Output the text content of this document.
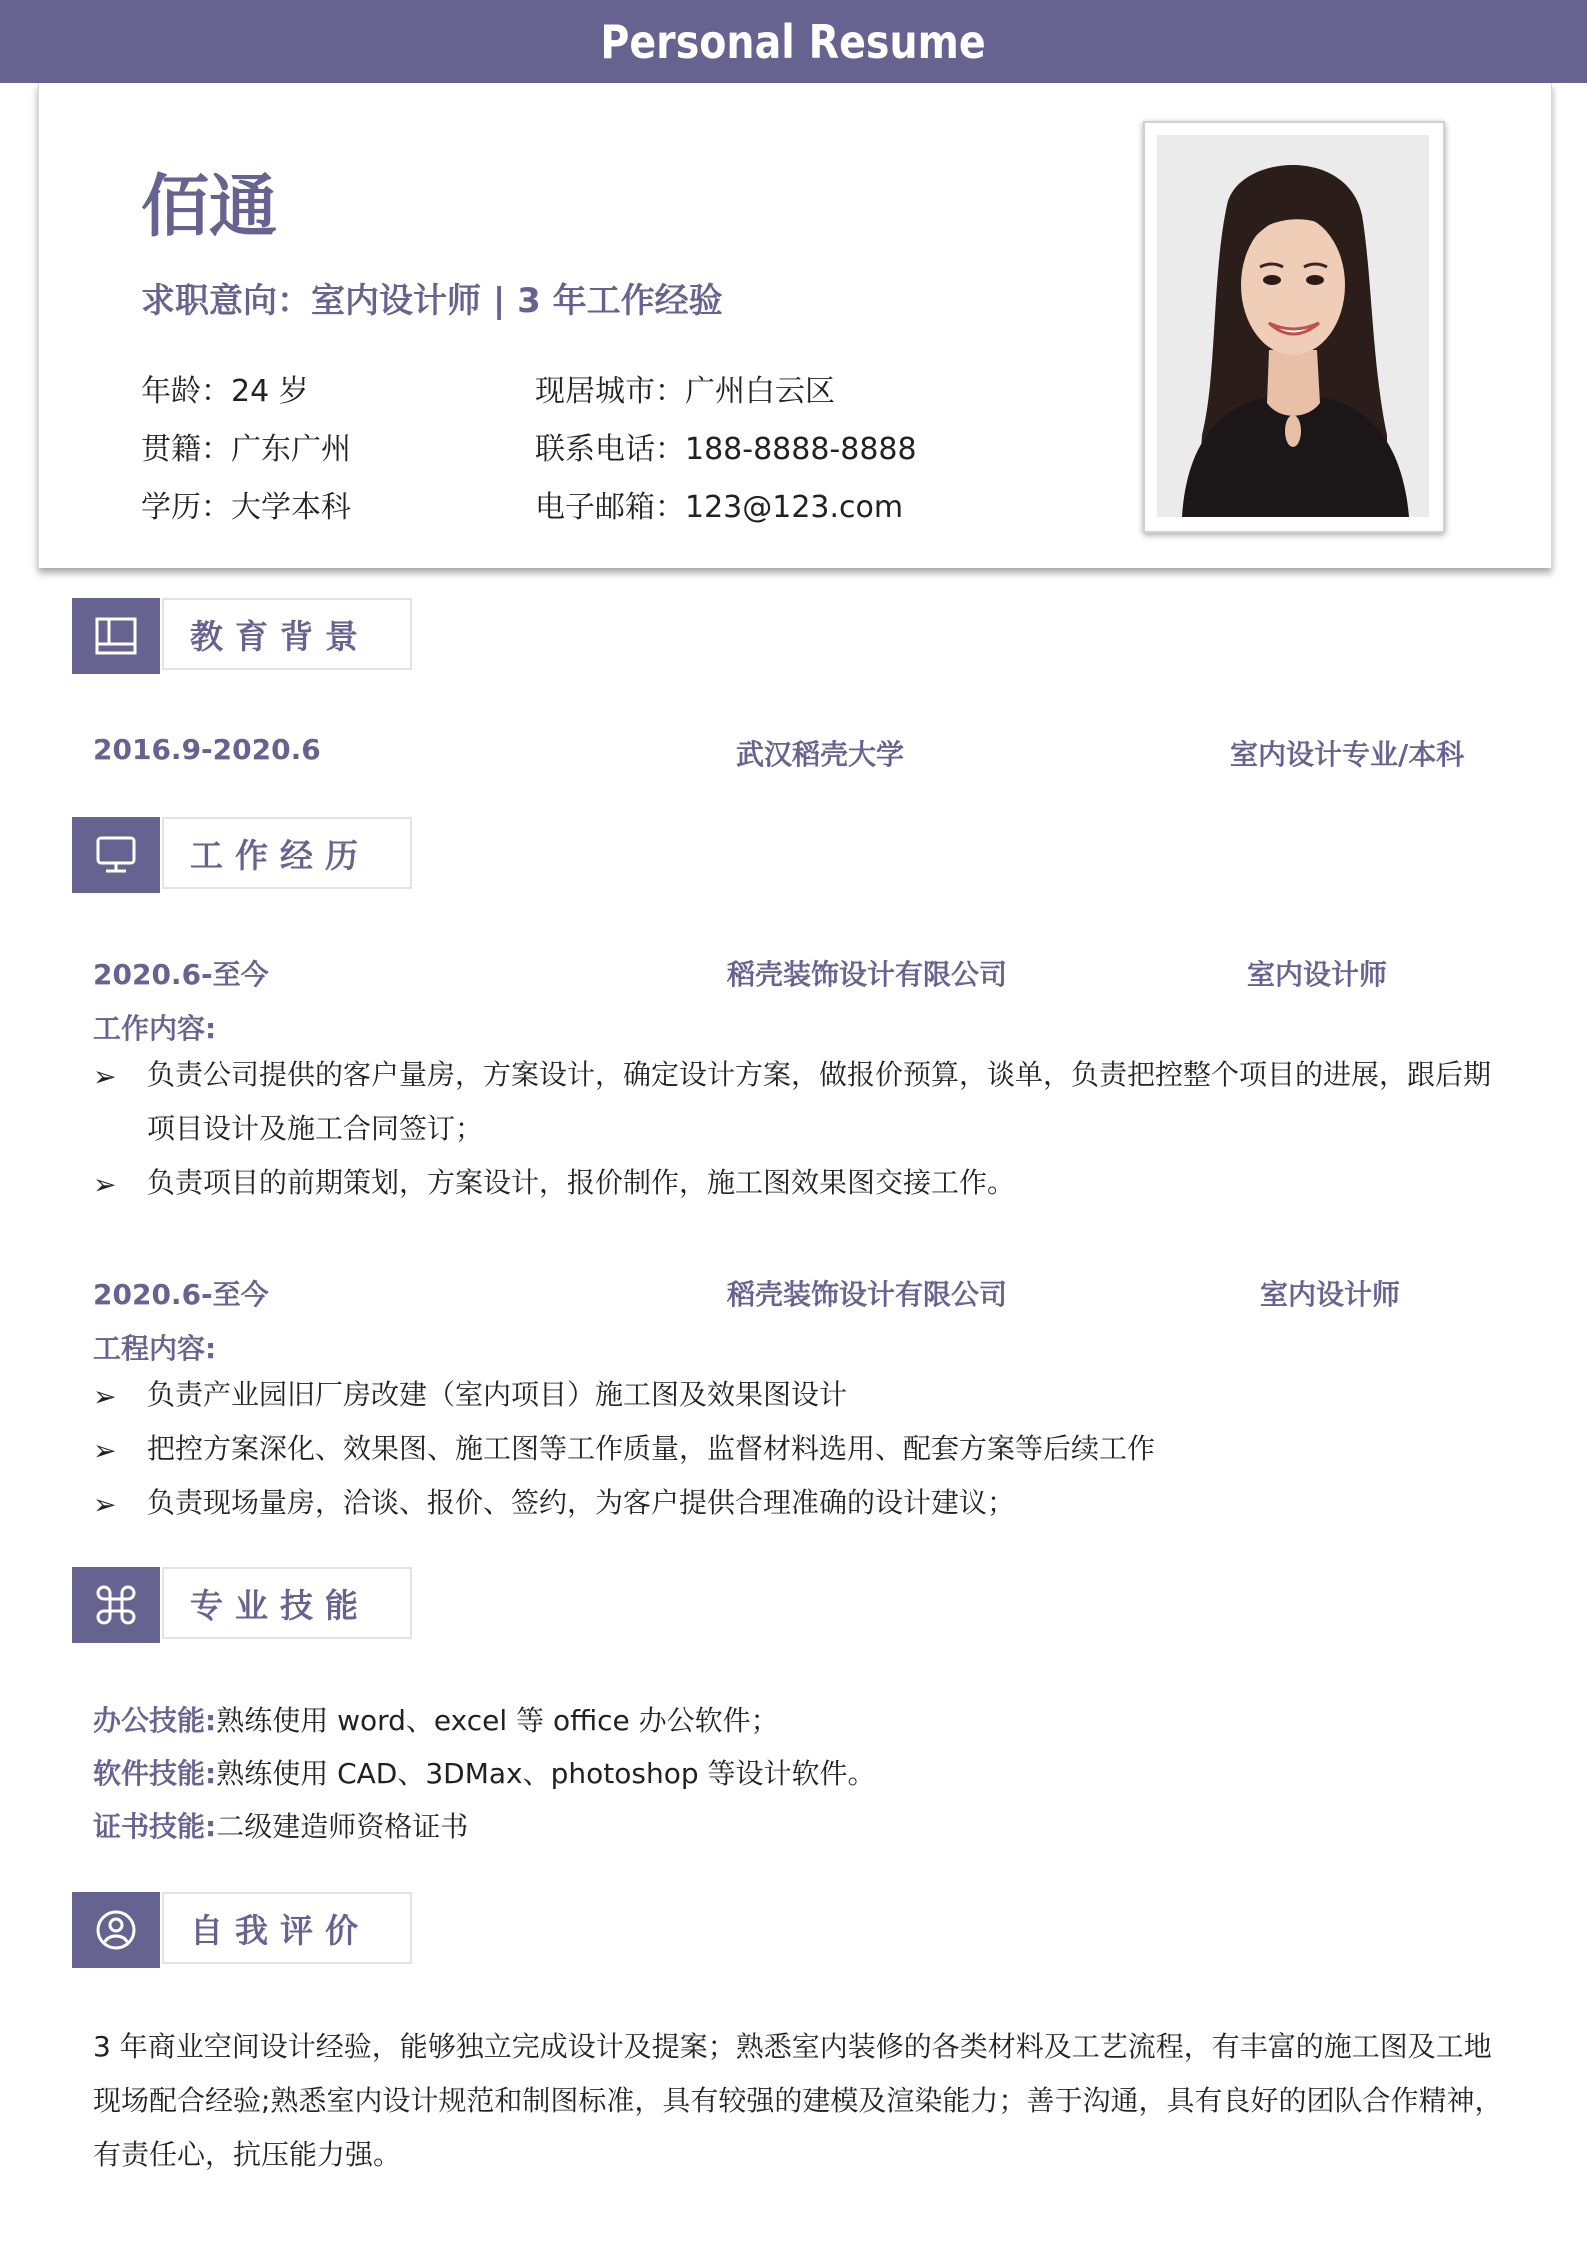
Personal Resume
佰通
求职意向：室内设计师 | 3 年工作经验
年龄：24 岁
贯籍：广东广州
学历：大学本科
现居城市：广州白云区
联系电话：188-8888-8888
电子邮箱：123@123.com
教育背景
2016.9-2020.6	武汉稻壳大学	室内设计专业/本科
工作经历
2020.6-至今	稻壳装饰设计有限公司	室内设计师
工作内容:
➢ 负责公司提供的客户量房，方案设计，确定设计方案，做报价预算，谈单，负责把控整个项目的进展，跟后期项目设计及施工合同签订；
➢ 负责项目的前期策划，方案设计，报价制作，施工图效果图交接工作。
2020.6-至今	稻壳装饰设计有限公司	室内设计师
工程内容:
➢ 负责产业园旧厂房改建（室内项目）施工图及效果图设计
➢ 把控方案深化、效果图、施工图等工作质量，监督材料选用、配套方案等后续工作
➢ 负责现场量房，洽谈、报价、签约，为客户提供合理准确的设计建议；
专业技能
办公技能:熟练使用 word、excel 等 office 办公软件；
软件技能:熟练使用 CAD、3DMax、photoshop 等设计软件。
证书技能:二级建造师资格证书
自我评价
3 年商业空间设计经验，能够独立完成设计及提案；熟悉室内装修的各类材料及工艺流程，有丰富的施工图及工地现场配合经验;熟悉室内设计规范和制图标准，具有较强的建模及渲染能力；善于沟通，具有良好的团队合作精神，有责任心，抗压能力强。
